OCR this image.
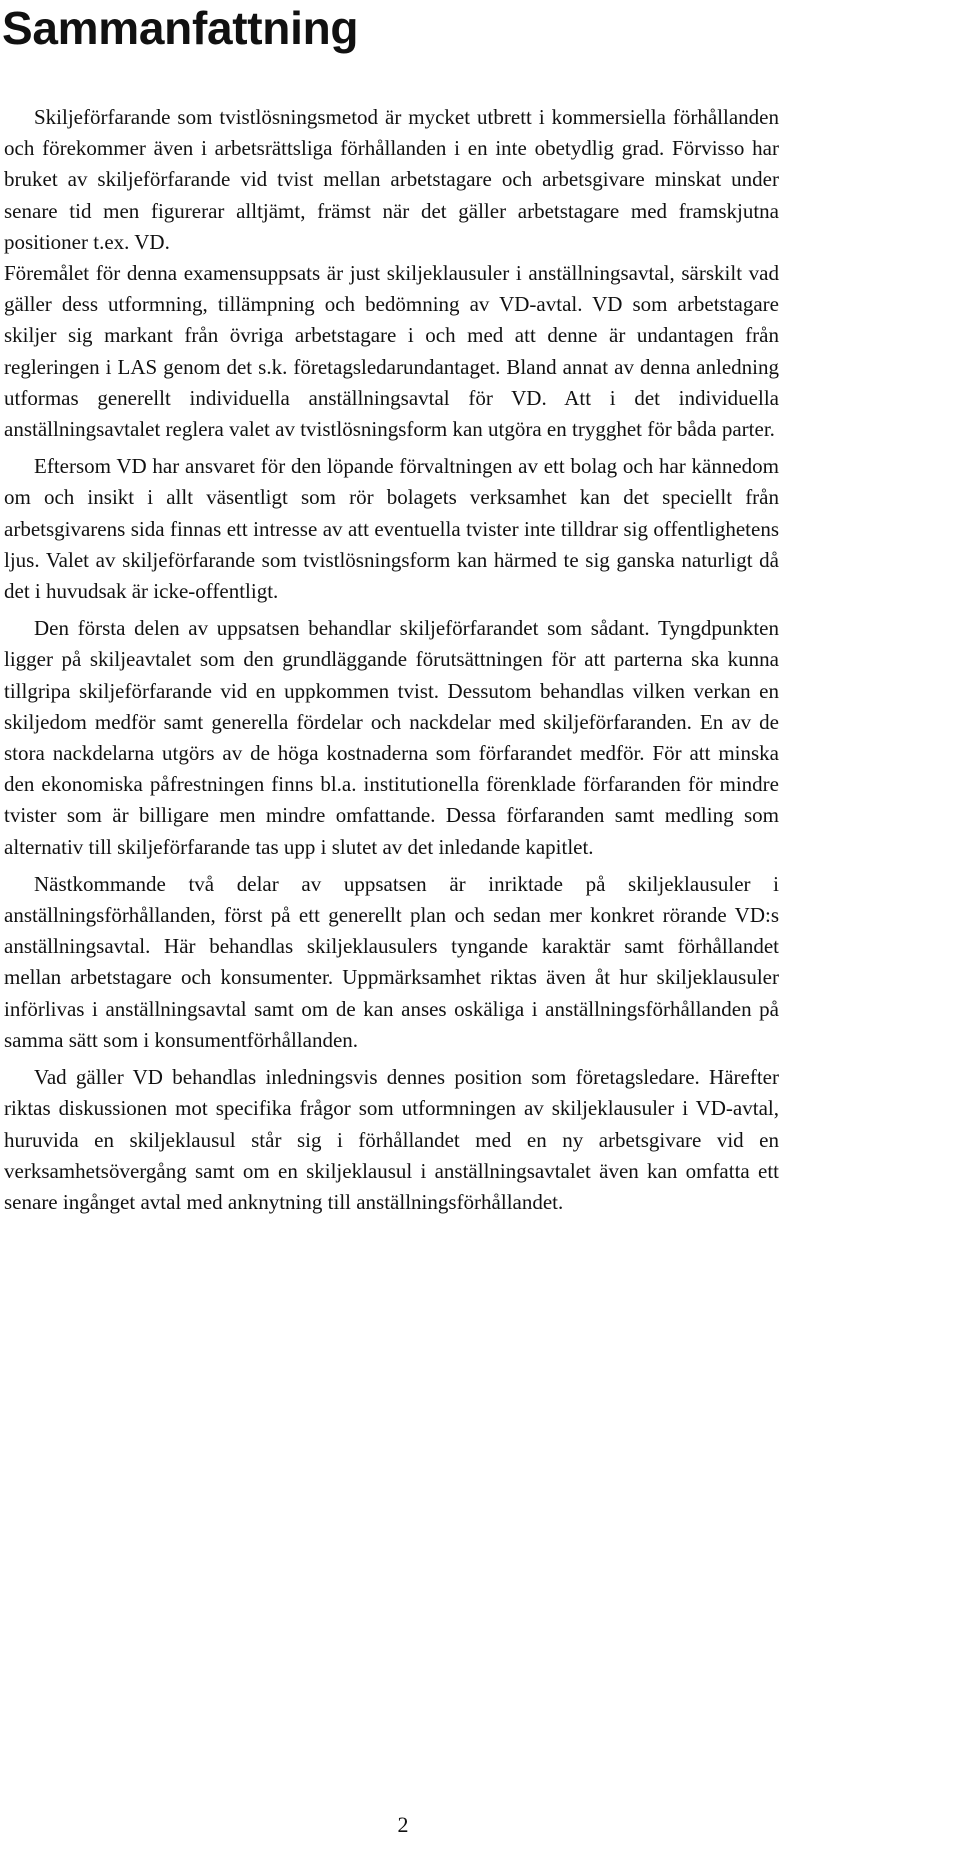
Sammanfattning

Skiljeförfarande som tvistlösningsmetod är mycket utbrett i kommersiella förhållanden och förekommer även i arbetsrättsliga förhållanden i en inte obetydlig grad. Förvisso har bruket av skiljeförfarande vid tvist mellan arbetstagare och arbetsgivare minskat under senare tid men figurerar alltjämt, främst när det gäller arbetstagare med framskjutna positioner t.ex. VD.

Föremålet för denna examensuppsats är just skiljeklausuler i anställningsavtal, särskilt vad gäller dess utformning, tillämpning och bedömning av VD-avtal. VD som arbetstagare skiljer sig markant från övriga arbetstagare i och med att denne är undantagen från regleringen i LAS genom det s.k. företagsledarundantaget. Bland annat av denna anledning utformas generellt individuella anställningsavtal för VD. Att i det individuella anställningsavtalet reglera valet av tvistlösningsform kan utgöra en trygghet för båda parter.

Eftersom VD har ansvaret för den löpande förvaltningen av ett bolag och har kännedom om och insikt i allt väsentligt som rör bolagets verksamhet kan det speciellt från arbetsgivarens sida finnas ett intresse av att eventuella tvister inte tilldrar sig offentlighetens ljus. Valet av skiljeförfarande som tvistlösningsform kan härmed te sig ganska naturligt då det i huvudsak är icke-offentligt.

Den första delen av uppsatsen behandlar skiljeförfarandet som sådant. Tyngdpunkten ligger på skiljeavtalet som den grundläggande förutsättningen för att parterna ska kunna tillgripa skiljeförfarande vid en uppkommen tvist. Dessutom behandlas vilken verkan en skiljedom medför samt generella fördelar och nackdelar med skiljeförfaranden. En av de stora nackdelarna utgörs av de höga kostnaderna som förfarandet medför. För att minska den ekonomiska påfrestningen finns bl.a. institutionella förenklade förfaranden för mindre tvister som är billigare men mindre omfattande. Dessa förfaranden samt medling som alternativ till skiljeförfarande tas upp i slutet av det inledande kapitlet.

Nästkommande två delar av uppsatsen är inriktade på skiljeklausuler i anställningsförhållanden, först på ett generellt plan och sedan mer konkret rörande VD:s anställningsavtal. Här behandlas skiljeklausulers tyngande karaktär samt förhållandet mellan arbetstagare och konsumenter. Uppmärksamhet riktas även åt hur skiljeklausuler införlivas i anställningsavtal samt om de kan anses oskäliga i anställningsförhållanden på samma sätt som i konsumentförhållanden.

Vad gäller VD behandlas inledningsvis dennes position som företagsledare. Härefter riktas diskussionen mot specifika frågor som utformningen av skiljeklausuler i VD-avtal, huruvida en skiljeklausul står sig i förhållandet med en ny arbetsgivare vid en verksamhetsövergång samt om en skiljeklausul i anställningsavtalet även kan omfatta ett senare ingånget avtal med anknytning till anställningsförhållandet.

2
